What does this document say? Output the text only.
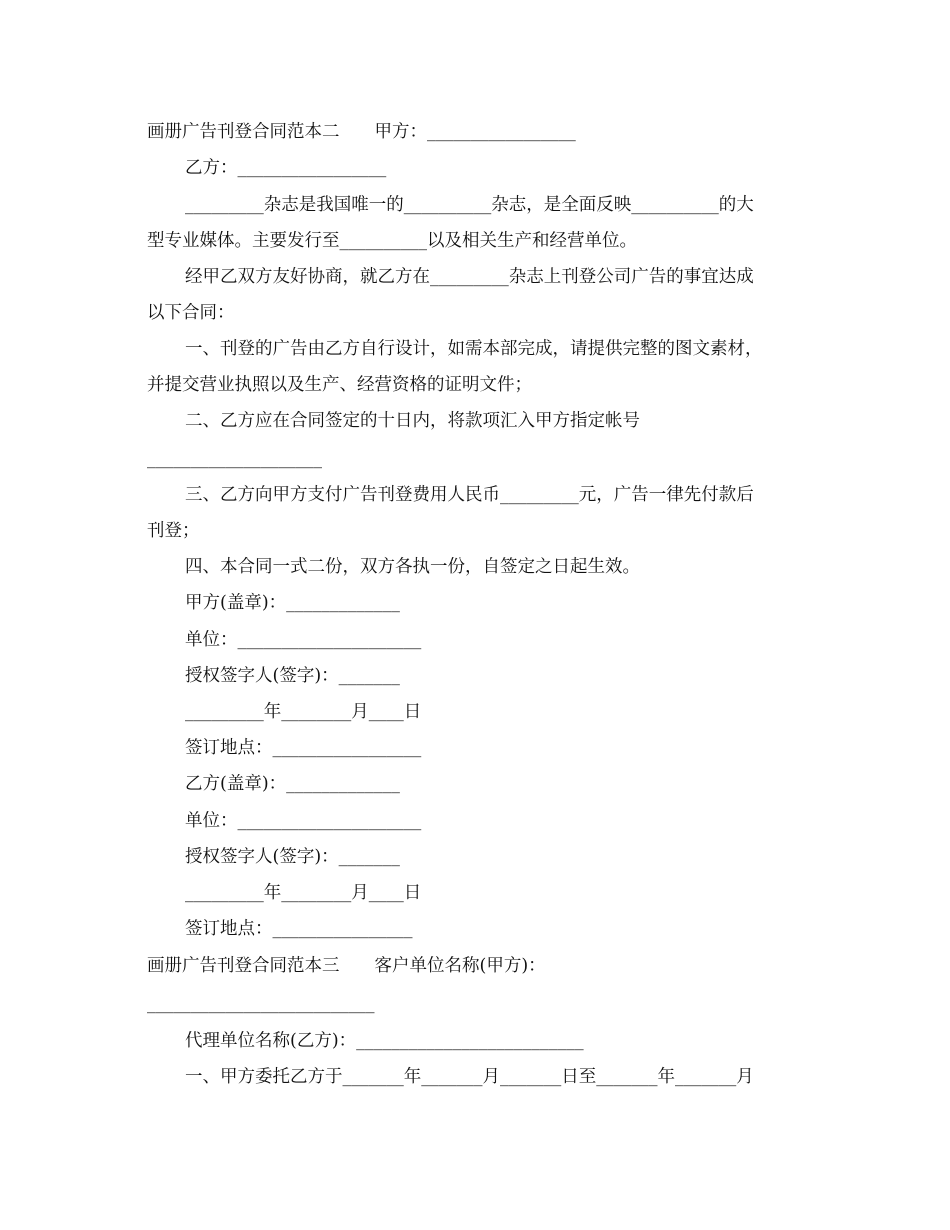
画册广告刊登合同范本二　　甲方：_________________
乙方：_________________
_________杂志是我国唯一的__________杂志，是全面反映__________的大
型专业媒体。主要发行至__________以及相关生产和经营单位。
经甲乙双方友好协商，就乙方在_________杂志上刊登公司广告的事宜达成
以下合同：
一、刊登的广告由乙方自行设计，如需本部完成，请提供完整的图文素材，
并提交营业执照以及生产、经营资格的证明文件；
二、乙方应在合同签定的十日内，将款项汇入甲方指定帐号
____________________
三、乙方向甲方支付广告刊登费用人民币_________元，广告一律先付款后
刊登；
四、本合同一式二份，双方各执一份，自签定之日起生效。
甲方(盖章)：_____________
单位：_____________________
授权签字人(签字)：_______
_________年________月____日
签订地点：_________________
乙方(盖章)：_____________
单位：_____________________
授权签字人(签字)：_______
_________年________月____日
签订地点：________________
画册广告刊登合同范本三　　客户单位名称(甲方)：
__________________________
代理单位名称(乙方)：__________________________
一、甲方委托乙方于_______年_______月_______日至_______年_______月
